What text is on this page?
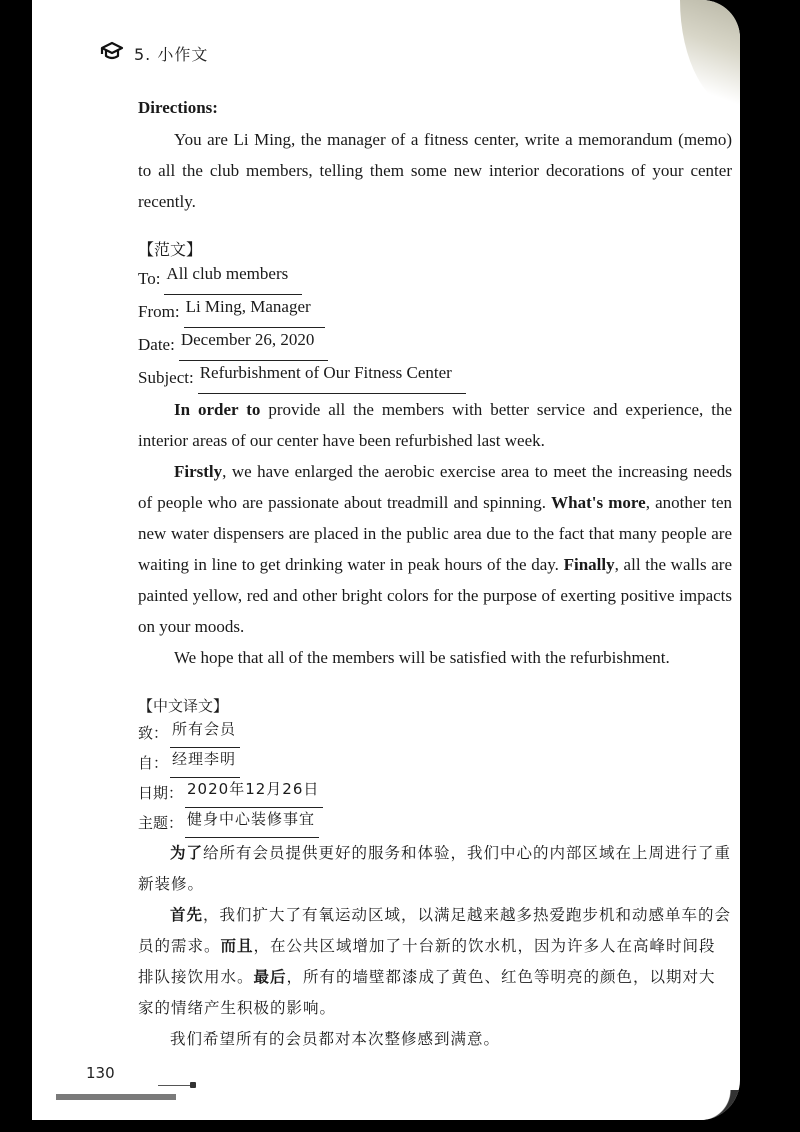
5. 小作文

Directions:

You are Li Ming, the manager of a fitness center, write a memorandum (memo) to all the club members, telling them some new interior decorations of your center recently.

【范文】
To: All club members
From: Li Ming, Manager
Date: December 26, 2020
Subject: Refurbishment of Our Fitness Center

In order to provide all the members with better service and experience, the interior areas of our center have been refurbished last week.

Firstly, we have enlarged the aerobic exercise area to meet the increasing needs of people who are passionate about treadmill and spinning. What's more, another ten new water dispensers are placed in the public area due to the fact that many people are waiting in line to get drinking water in peak hours of the day. Finally, all the walls are painted yellow, red and other bright colors for the purpose of exerting positive impacts on your moods.

We hope that all of the members will be satisfied with the refurbishment.

【中文译文】
致： 所有会员
自： 经理李明
日期： 2020年12月26日
主题： 健身中心装修事宜

为了给所有会员提供更好的服务和体验，我们中心的内部区域在上周进行了重新装修。

首先，我们扩大了有氧运动区域，以满足越来越多热爱跑步机和动感单车的会员的需求。而且，在公共区域增加了十台新的饮水机，因为许多人在高峰时间段排队接饮用水。最后，所有的墙壁都漆成了黄色、红色等明亮的颜色，以期对大家的情绪产生积极的影响。

我们希望所有的会员都对本次整修感到满意。

130
